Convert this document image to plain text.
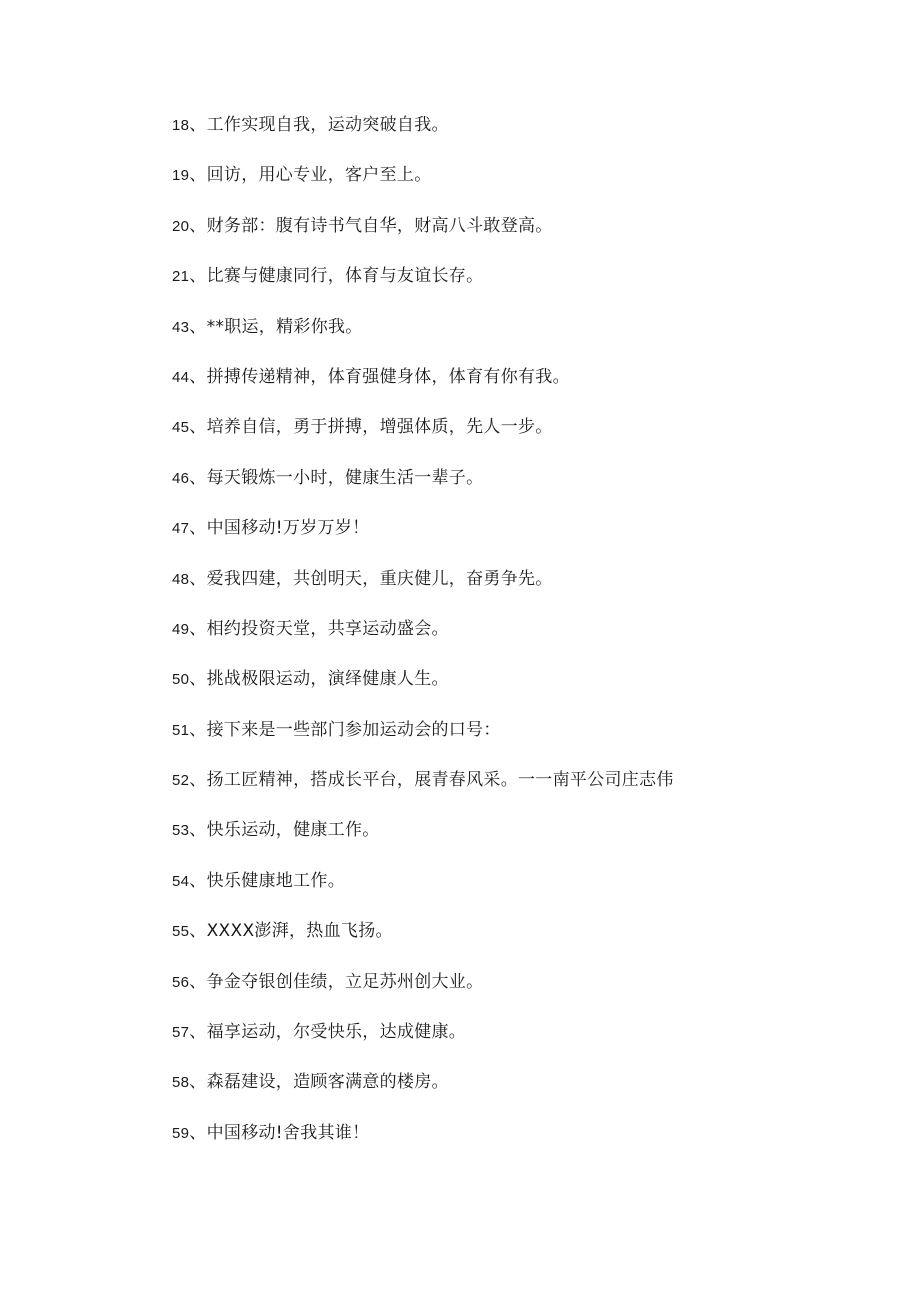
18、工作实现自我，运动突破自我。
19、回访，用心专业，客户至上。
20、财务部：腹有诗书气自华，财高八斗敢登高。
21、比赛与健康同行，体育与友谊长存。
43、**职运，精彩你我。
44、拼搏传递精神，体育强健身体，体育有你有我。
45、培养自信，勇于拼搏，增强体质，先人一步。
46、每天锻炼一小时，健康生活一辈子。
47、中国移动!万岁万岁！
48、爱我四建，共创明天，重庆健儿，奋勇争先。
49、相约投资天堂，共享运动盛会。
50、挑战极限运动，演绎健康人生。
51、接下来是一些部门参加运动会的口号：
52、扬工匠精神，搭成长平台，展青春风采。一一南平公司庄志伟
53、快乐运动，健康工作。
54、快乐健康地工作。
55、XXXX澎湃，热血飞扬。
56、争金夺银创佳绩，立足苏州创大业。
57、福享运动，尔受快乐，达成健康。
58、森磊建设，造顾客满意的楼房。
59、中国移动!舍我其谁！
